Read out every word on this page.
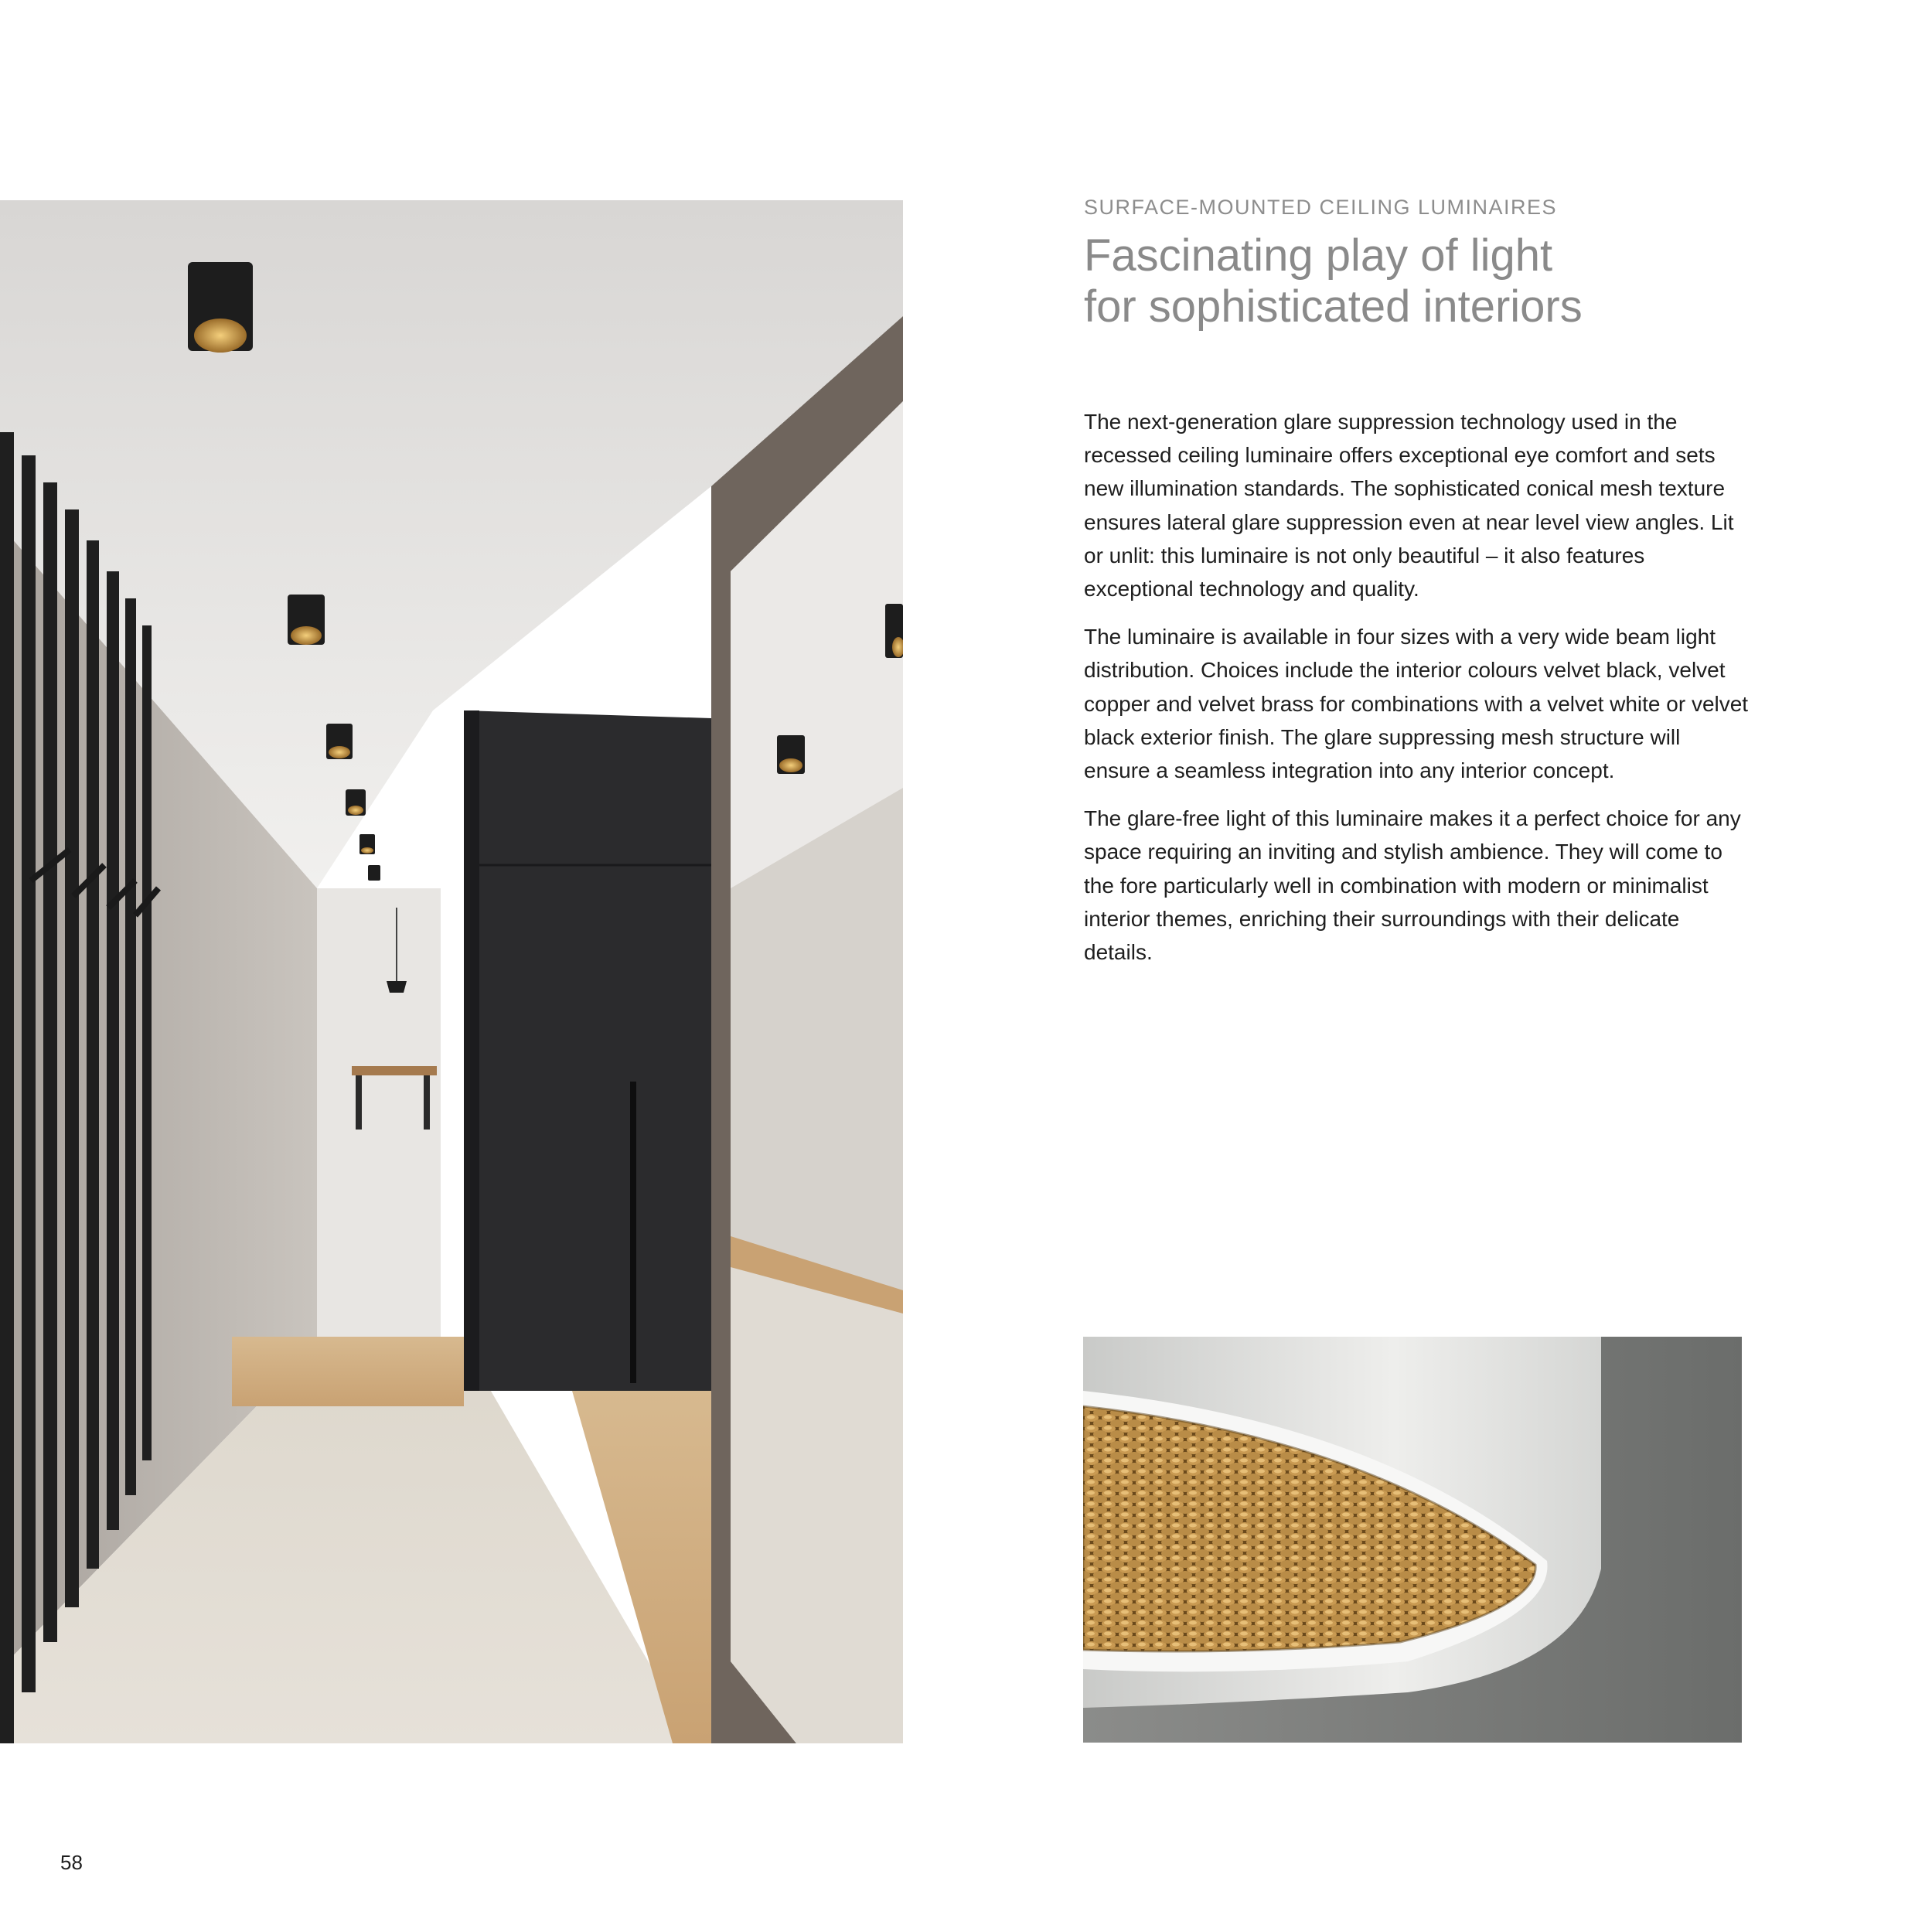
SURFACE-MOUNTED CEILING LUMINAIRES
Fascinating play of light
for sophisticated interiors

The next-generation glare suppression technology used in the recessed ceiling luminaire offers exceptional eye comfort and sets new illumination standards. The sophisticated conical mesh texture ensures lateral glare suppression even at near level view angles. Lit or unlit: this luminaire is not only beautiful – it also features exceptional technology and quality.

The luminaire is available in four sizes with a very wide beam light distribution. Choices include the interior colours velvet black, velvet copper and velvet brass for combinations with a velvet white or velvet black exterior finish. The glare suppressing mesh structure will ensure a seamless integration into any interior concept.

The glare-free light of this luminaire makes it a perfect choice for any space requiring an inviting and stylish ambience. They will come to the fore particularly well in combination with modern or minimalist interior themes, enriching their surroundings with their delicate details.

58
